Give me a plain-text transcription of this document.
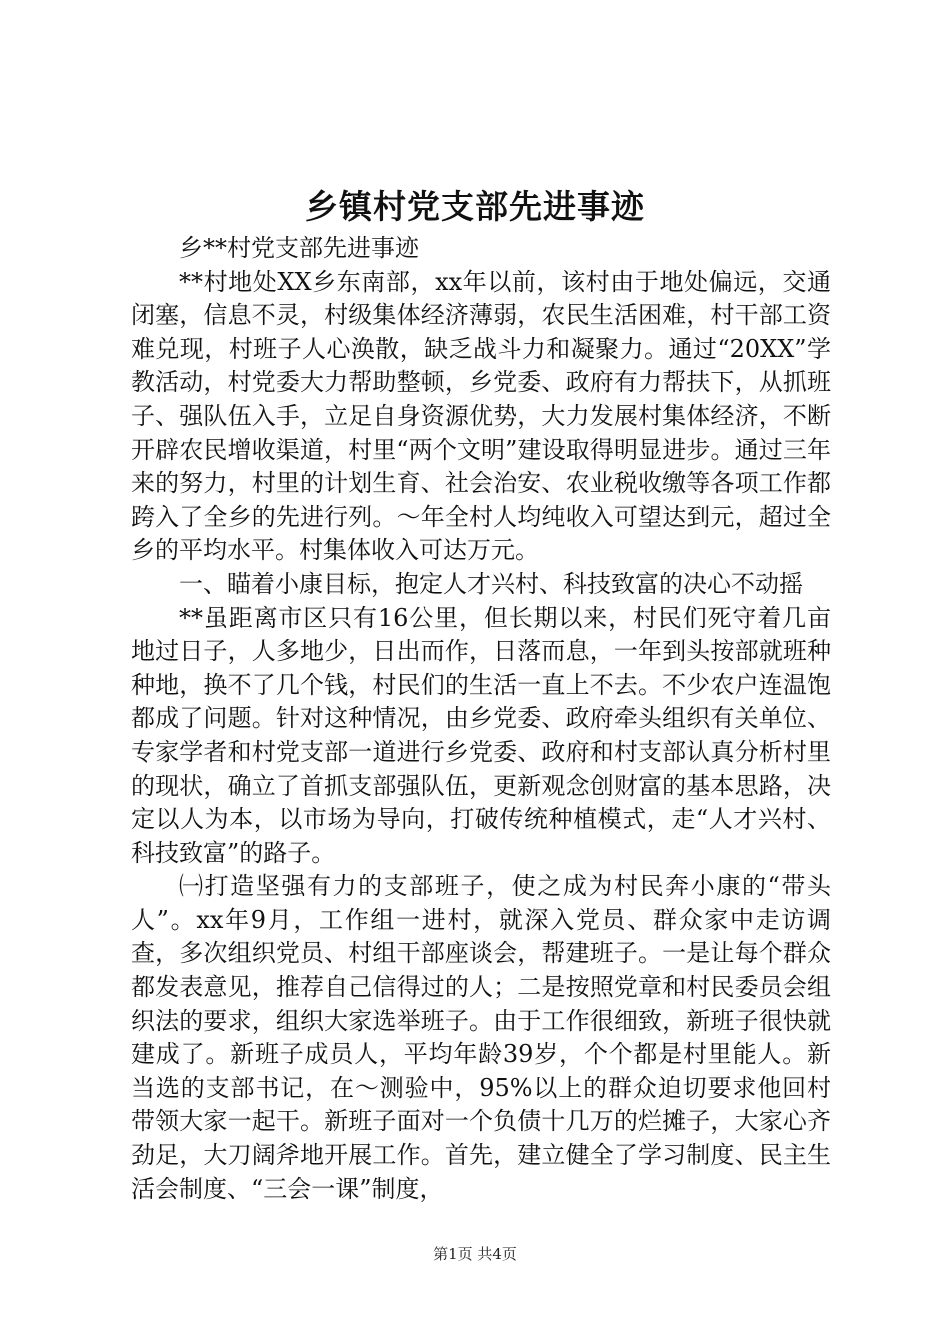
乡镇村党支部先进事迹

乡**村党支部先进事迹

**村地处XX乡东南部，xx年以前，该村由于地处偏远，交通闭塞，信息不灵，村级集体经济薄弱，农民生活困难，村干部工资难兑现，村班子人心涣散，缺乏战斗力和凝聚力。通过“20XX”学教活动，村党委大力帮助整顿，乡党委、政府有力帮扶下，从抓班子、强队伍入手，立足自身资源优势，大力发展村集体经济，不断开辟农民增收渠道，村里“两个文明”建设取得明显进步。通过三年来的努力，村里的计划生育、社会治安、农业税收缴等各项工作都跨入了全乡的先进行列。～年全村人均纯收入可望达到元，超过全乡的平均水平。村集体收入可达万元。

一、瞄着小康目标，抱定人才兴村、科技致富的决心不动摇

**虽距离市区只有16公里，但长期以来，村民们死守着几亩地过日子，人多地少，日出而作，日落而息，一年到头按部就班种种地，换不了几个钱，村民们的生活一直上不去。不少农户连温饱都成了问题。针对这种情况，由乡党委、政府牵头组织有关单位、专家学者和村党支部一道进行乡党委、政府和村支部认真分析村里的现状，确立了首抓支部强队伍，更新观念创财富的基本思路，决定以人为本，以市场为导向，打破传统种植模式，走“人才兴村、科技致富”的路子。

㈠打造坚强有力的支部班子，使之成为村民奔小康的“带头人”。xx年9月，工作组一进村，就深入党员、群众家中走访调查，多次组织党员、村组干部座谈会，帮建班子。一是让每个群众都发表意见，推荐自己信得过的人；二是按照党章和村民委员会组织法的要求，组织大家选举班子。由于工作很细致，新班子很快就建成了。新班子成员人，平均年龄39岁，个个都是村里能人。新当选的支部书记，在～测验中，95%以上的群众迫切要求他回村带领大家一起干。新班子面对一个负债十几万的烂摊子，大家心齐劲足，大刀阔斧地开展工作。首先，建立健全了学习制度、民主生活会制度、“三会一课”制度，

第1页 共4页
